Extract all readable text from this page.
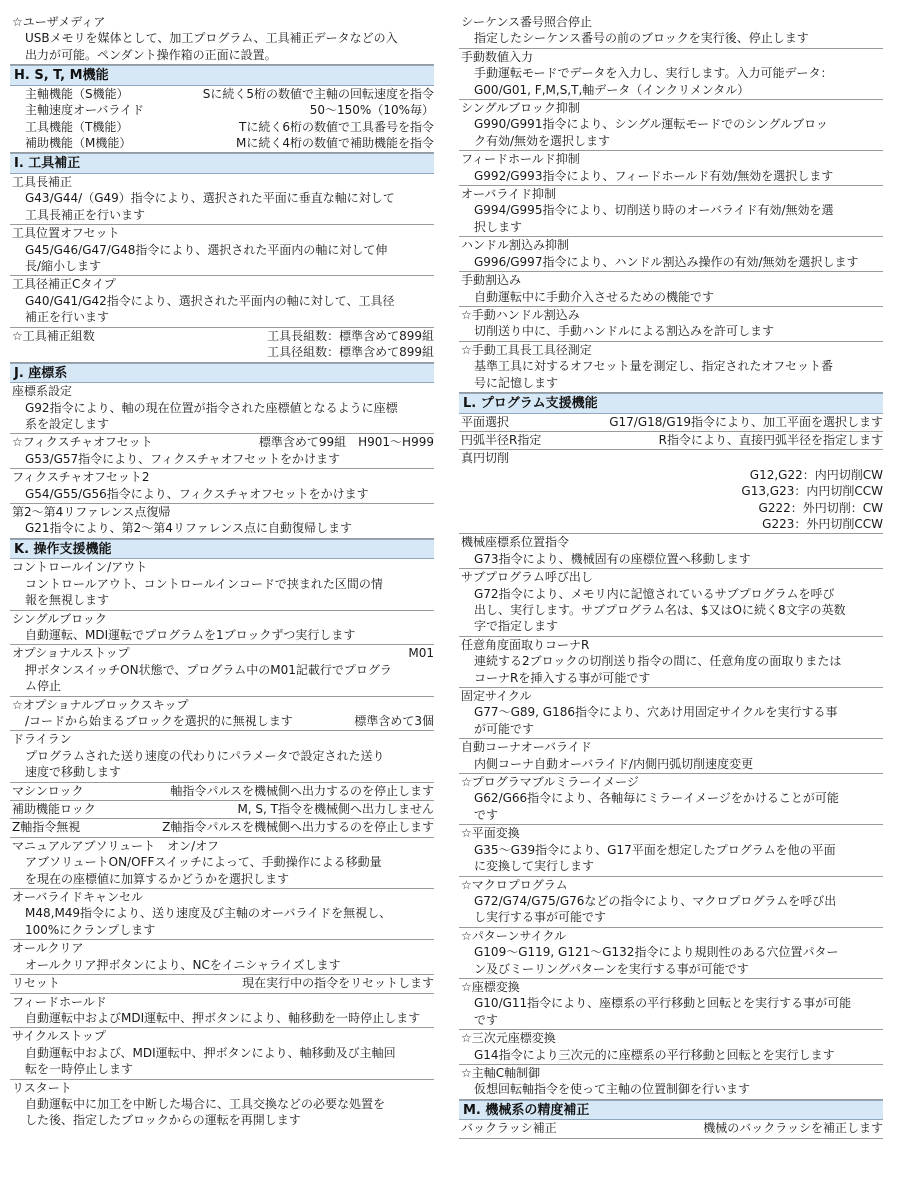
☆ユーザメディア
USBメモリを媒体として、加工プログラム、工具補正データなどの入
出力が可能。ペンダント操作箱の正面に設置。
H. S, T, M機能
主軸機能（S機能）	Sに続く5桁の数値で主軸の回転速度を指令
主軸速度オーバライド	50〜150%（10%毎）
工具機能（T機能）	Tに続く6桁の数値で工具番号を指令
補助機能（M機能）	Mに続く4桁の数値で補助機能を指令
I. 工具補正
工具長補正
G43/G44/（G49）指令により、選択された平面に垂直な軸に対して
工具長補正を行います
工具位置オフセット
G45/G46/G47/G48指令により、選択された平面内の軸に対して伸
長/縮小します
工具径補正Cタイプ
G40/G41/G42指令により、選択された平面内の軸に対して、工具径
補正を行います
☆工具補正組数	工具長組数：標準含めて899組
工具径組数：標準含めて899組
J. 座標系
座標系設定
G92指令により、軸の現在位置が指令された座標値となるように座標
系を設定します
☆フィクスチャオフセット	標準含めて99組　H901〜H999
G53/G57指令により、フィクスチャオフセットをかけます
フィクスチャオフセット2
G54/G55/G56指令により、フィクスチャオフセットをかけます
第2〜第4リファレンス点復帰
G21指令により、第2〜第4リファレンス点に自動復帰します
K. 操作支援機能
コントロールイン/アウト
コントロールアウト、コントロールインコードで挟まれた区間の情
報を無視します
シングルブロック
自動運転、MDI運転でプログラムを1ブロックずつ実行します
オプショナルストップ	M01
押ボタンスイッチON状態で、プログラム中のM01記載行でプログラ
ム停止
☆オプショナルブロックスキップ
/コードから始まるブロックを選択的に無視します	標準含めて3個
ドライラン
プログラムされた送り速度の代わりにパラメータで設定された送り
速度で移動します
マシンロック	軸指令パルスを機械側へ出力するのを停止します
補助機能ロック	M, S, T指令を機械側へ出力しません
Z軸指令無視	Z軸指令パルスを機械側へ出力するのを停止します
マニュアルアブソリュート　オン/オフ
アブソリュートON/OFFスイッチによって、手動操作による移動量
を現在の座標値に加算するかどうかを選択します
オーバライドキャンセル
M48,M49指令により、送り速度及び主軸のオーバライドを無視し、
100%にクランプします
オールクリア
オールクリア押ボタンにより、NCをイニシャライズします
リセット	現在実行中の指令をリセットします
フィードホールド
自動運転中およびMDI運転中、押ボタンにより、軸移動を一時停止します
サイクルストップ
自動運転中および、MDI運転中、押ボタンにより、軸移動及び主軸回
転を一時停止します
リスタート
自動運転中に加工を中断した場合に、工具交換などの必要な処置を
した後、指定したブロックからの運転を再開します
シーケンス番号照合停止
指定したシーケンス番号の前のブロックを実行後、停止します
手動数値入力
手動運転モードでデータを入力し、実行します。入力可能データ：
G00/G01, F,M,S,T,軸データ（インクリメンタル）
シングルブロック抑制
G990/G991指令により、シングル運転モードでのシングルブロッ
ク有効/無効を選択します
フィードホールド抑制
G992/G993指令により、フィードホールド有効/無効を選択します
オーバライド抑制
G994/G995指令により、切削送り時のオーバライド有効/無効を選
択します
ハンドル割込み抑制
G996/G997指令により、ハンドル割込み操作の有効/無効を選択します
手動割込み
自動運転中に手動介入させるための機能です
☆手動ハンドル割込み
切削送り中に、手動ハンドルによる割込みを許可します
☆手動工具長工具径測定
基準工具に対するオフセット量を測定し、指定されたオフセット番
号に記憶します
L. プログラム支援機能
平面選択	G17/G18/G19指令により、加工平面を選択します
円弧半径R指定	R指令により、直接円弧半径を指定します
真円切削
G12,G22：内円切削CW
G13,G23：内円切削CCW
G222：外円切削：CW
G223：外円切削CCW
機械座標系位置指令
G73指令により、機械固有の座標位置へ移動します
サブプログラム呼び出し
G72指令により、メモリ内に記憶されているサブプログラムを呼び
出し、実行します。サブプログラム名は、$又はOに続く8文字の英数
字で指定します
任意角度面取りコーナR
連続する2ブロックの切削送り指令の間に、任意角度の面取りまたは
コーナRを挿入する事が可能です
固定サイクル
G77〜G89, G186指令により、穴あけ用固定サイクルを実行する事
が可能です
自動コーナオーバライド
内側コーナ自動オーバライド/内側円弧切削速度変更
☆プログラマブルミラーイメージ
G62/G66指令により、各軸毎にミラーイメージをかけることが可能
です
☆平面変換
G35〜G39指令により、G17平面を想定したプログラムを他の平面
に変換して実行します
☆マクロプログラム
G72/G74/G75/G76などの指令により、マクロプログラムを呼び出
し実行する事が可能です
☆パターンサイクル
G109〜G119, G121〜G132指令により規則性のある穴位置パター
ン及びミーリングパターンを実行する事が可能です
☆座標変換
G10/G11指令により、座標系の平行移動と回転とを実行する事が可能
です
☆三次元座標変換
G14指令により三次元的に座標系の平行移動と回転とを実行します
☆主軸C軸制御
仮想回転軸指令を使って主軸の位置制御を行います
M. 機械系の精度補正
バックラッシ補正	機械のバックラッシを補正します
